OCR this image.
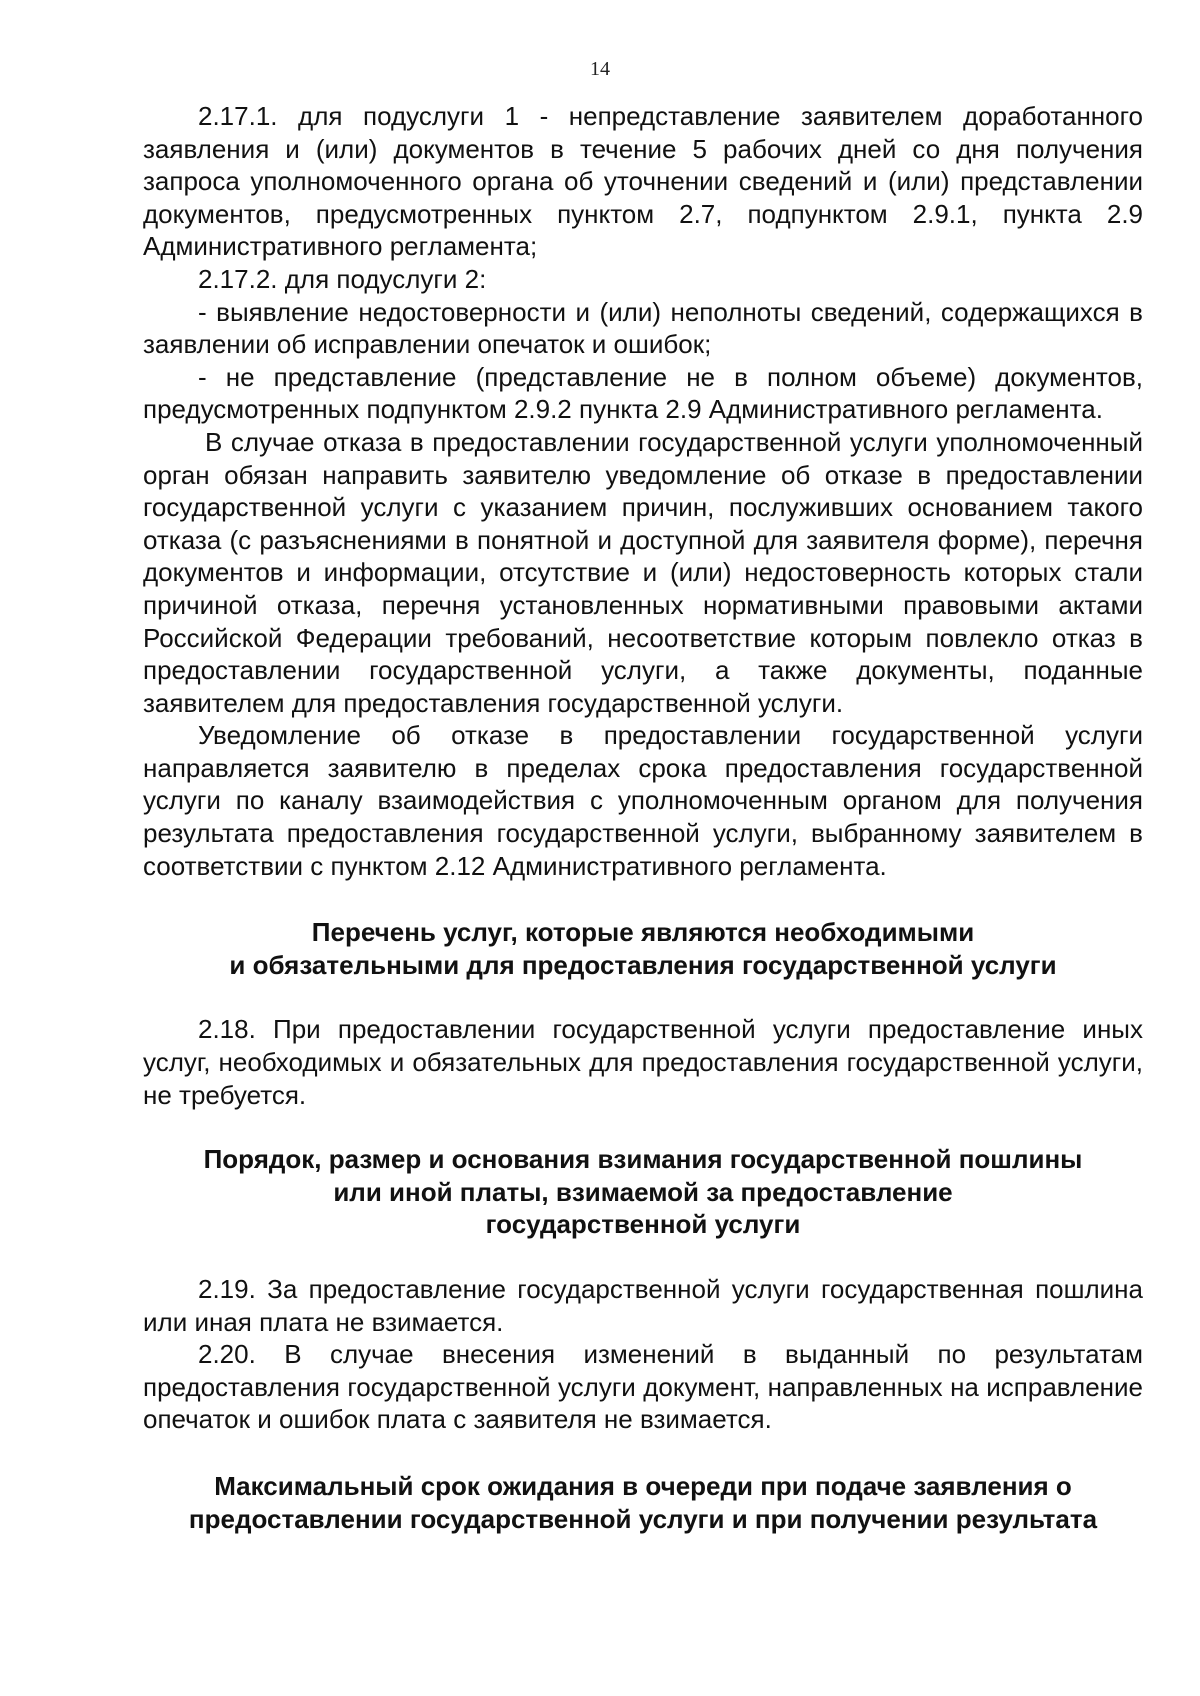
14

2.17.1. для подуслуги 1 - непредставление заявителем доработанного заявления и (или) документов в течение 5 рабочих дней со дня получения запроса уполномоченного органа об уточнении сведений и (или) представлении документов, предусмотренных пунктом 2.7, подпунктом 2.9.1, пункта 2.9 Административного регламента;

2.17.2. для подуслуги 2:

- выявление недостоверности и (или) неполноты сведений, содержащихся в заявлении об исправлении опечаток и ошибок;

- не представление (представление не в полном объеме) документов, предусмотренных подпунктом 2.9.2 пункта 2.9 Административного регламента.

В случае отказа в предоставлении государственной услуги уполномоченный орган обязан направить заявителю уведомление об отказе в предоставлении государственной услуги с указанием причин, послуживших основанием такого отказа (с разъяснениями в понятной и доступной для заявителя форме), перечня документов и информации, отсутствие и (или) недостоверность которых стали причиной отказа, перечня установленных нормативными правовыми актами Российской Федерации требований, несоответствие которым повлекло отказ в предоставлении государственной услуги, а также документы, поданные заявителем для предоставления государственной услуги.

Уведомление об отказе в предоставлении государственной услуги направляется заявителю в пределах срока предоставления государственной услуги по каналу взаимодействия с уполномоченным органом для получения результата предоставления государственной услуги, выбранному заявителем в соответствии с пунктом 2.12 Административного регламента.

Перечень услуг, которые являются необходимыми
и обязательными для предоставления государственной услуги

2.18. При предоставлении государственной услуги предоставление иных услуг, необходимых и обязательных для предоставления государственной услуги, не требуется.

Порядок, размер и основания взимания государственной пошлины
или иной платы, взимаемой за предоставление
государственной услуги

2.19. За предоставление государственной услуги государственная пошлина или иная плата не взимается.

2.20. В случае внесения изменений в выданный по результатам предоставления государственной услуги документ, направленных на исправление опечаток и ошибок плата с заявителя не взимается.

Максимальный срок ожидания в очереди при подаче заявления о
предоставлении государственной услуги и при получении результата
